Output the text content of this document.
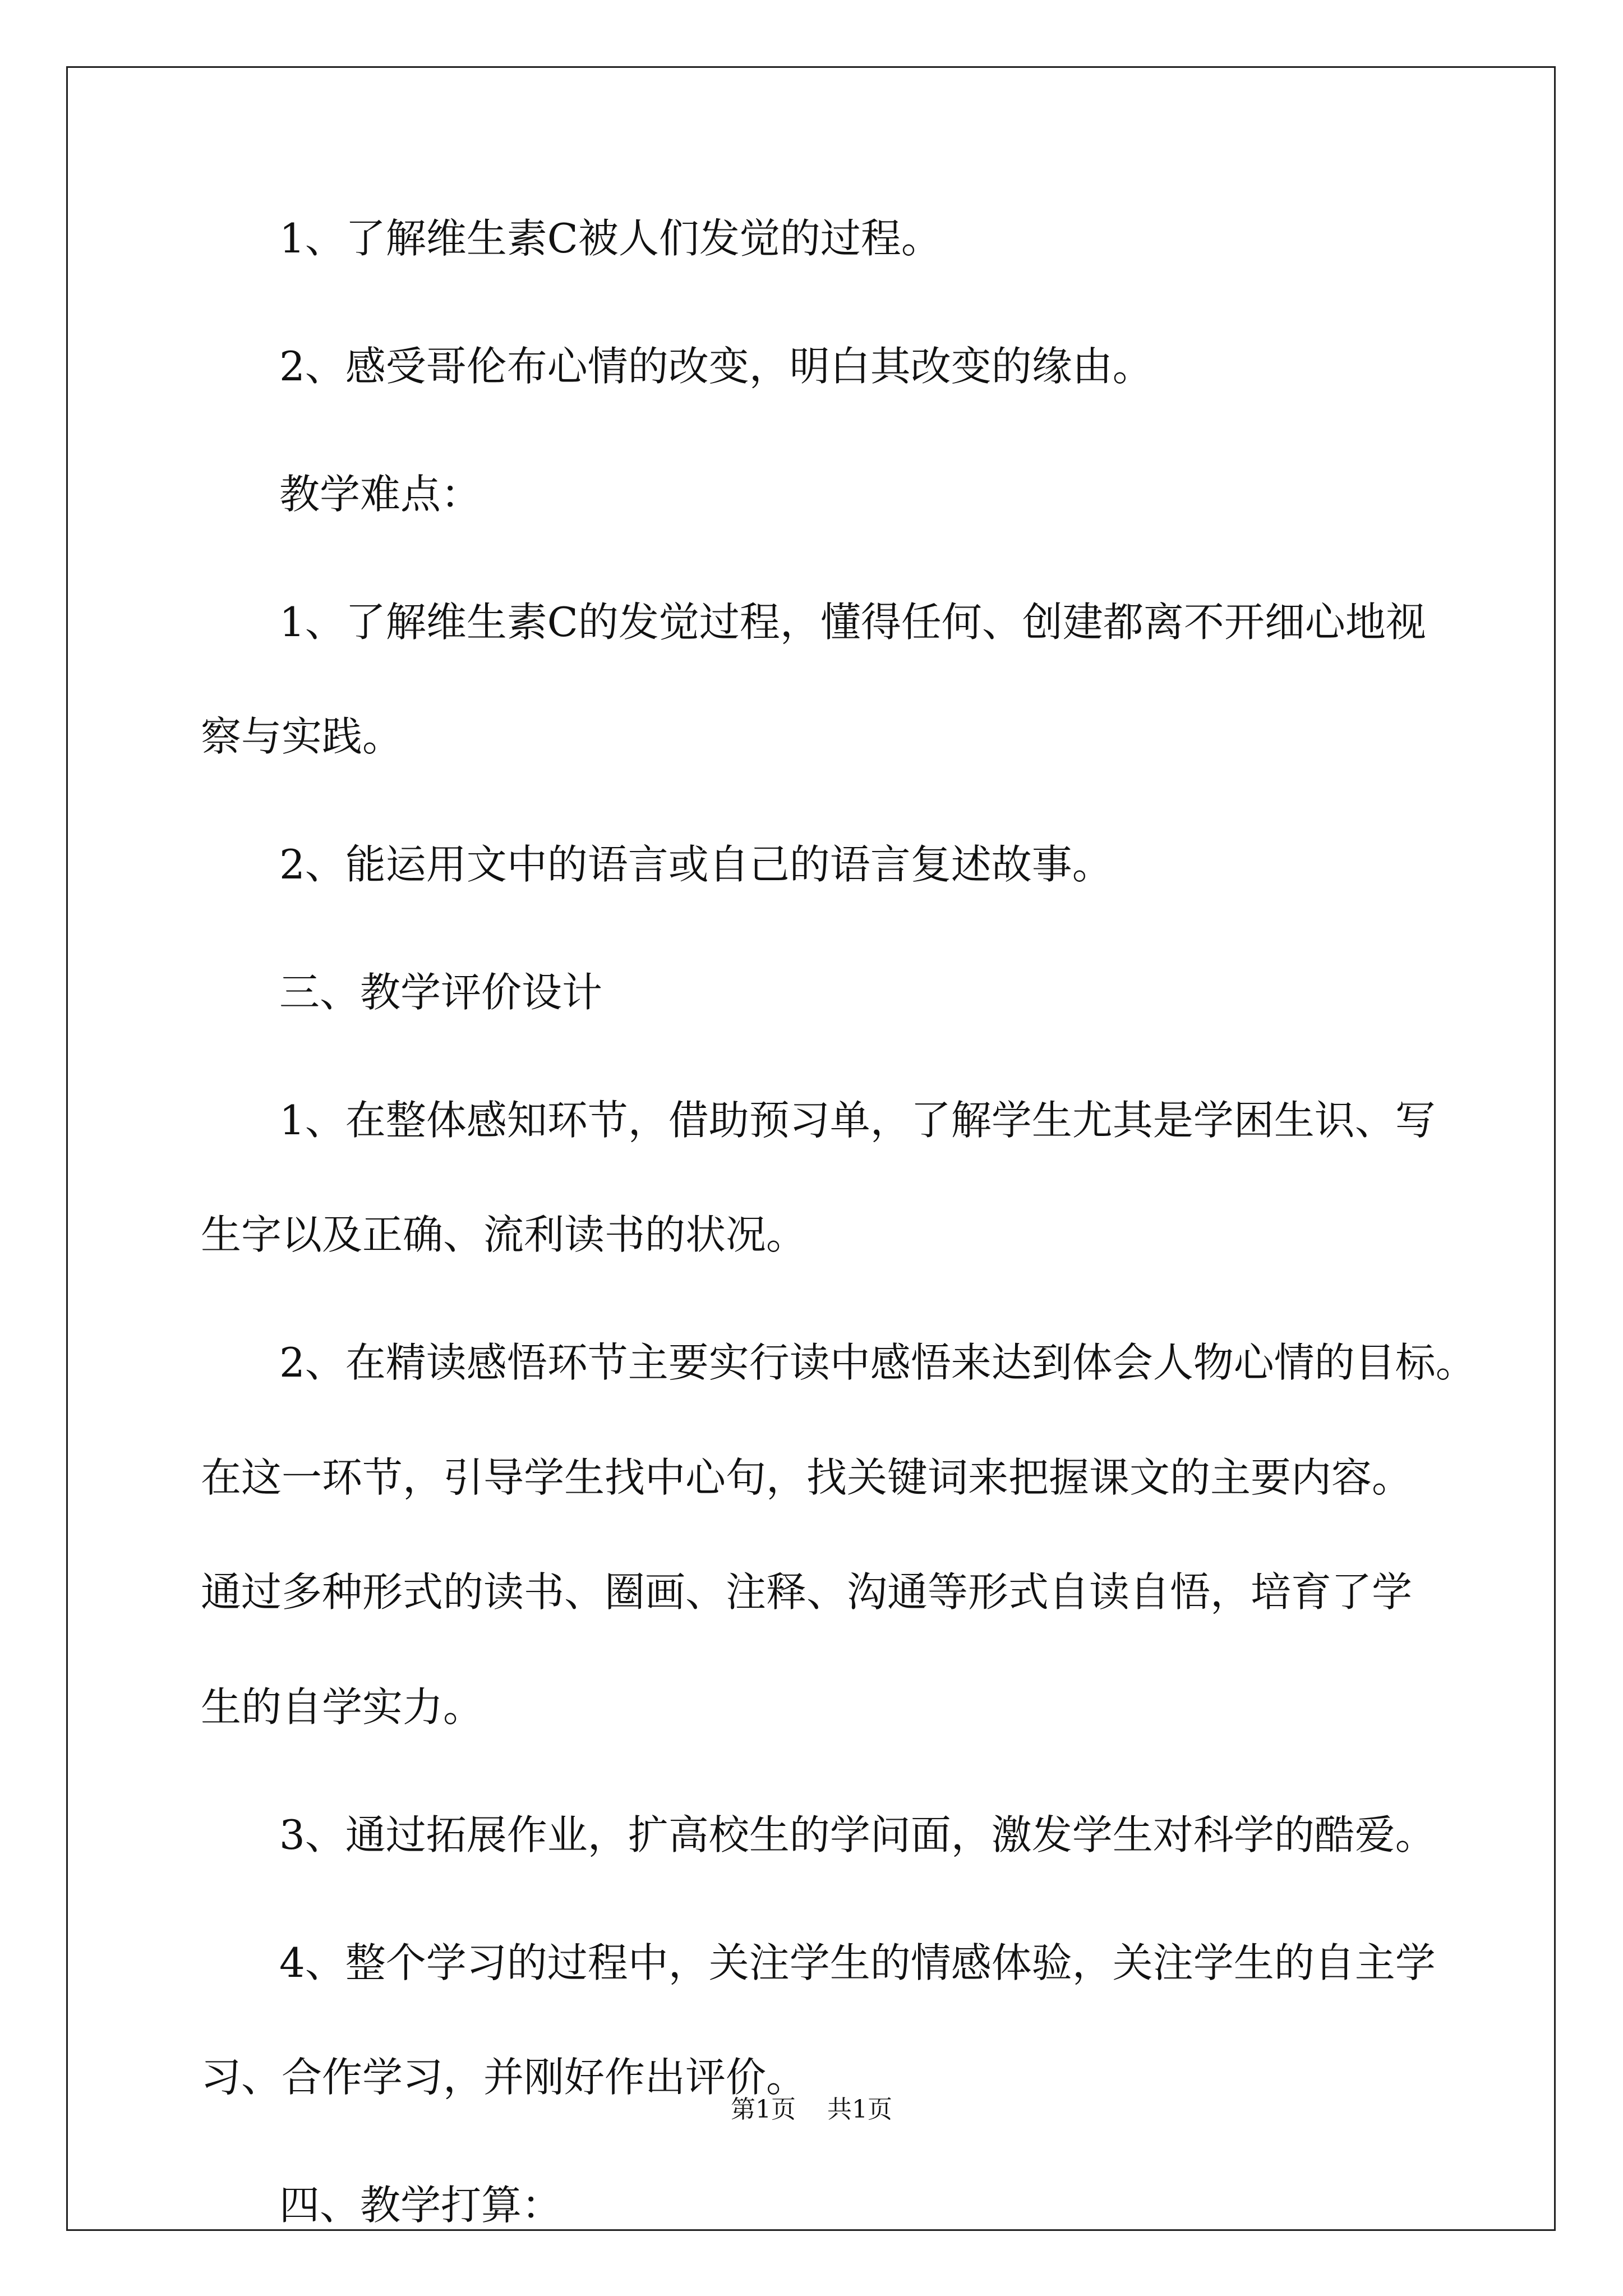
1、了解维生素C被人们发觉的过程。
2、感受哥伦布心情的改变，明白其改变的缘由。
教学难点：
1、了解维生素C的发觉过程，懂得任何、创建都离不开细心地视
察与实践。
2、能运用文中的语言或自己的语言复述故事。
三、教学评价设计
1、在整体感知环节，借助预习单，了解学生尤其是学困生识、写
生字以及正确、流利读书的状况。
2、在精读感悟环节主要实行读中感悟来达到体会人物心情的目标。
在这一环节，引导学生找中心句，找关键词来把握课文的主要内容。
通过多种形式的读书、圈画、注释、沟通等形式自读自悟，培育了学
生的自学实力。
3、通过拓展作业，扩高校生的学问面，激发学生对科学的酷爱。
4、整个学习的过程中，关注学生的情感体验，关注学生的自主学
习、合作学习，并刚好作出评价。
四、教学打算：
第1页    共1页
